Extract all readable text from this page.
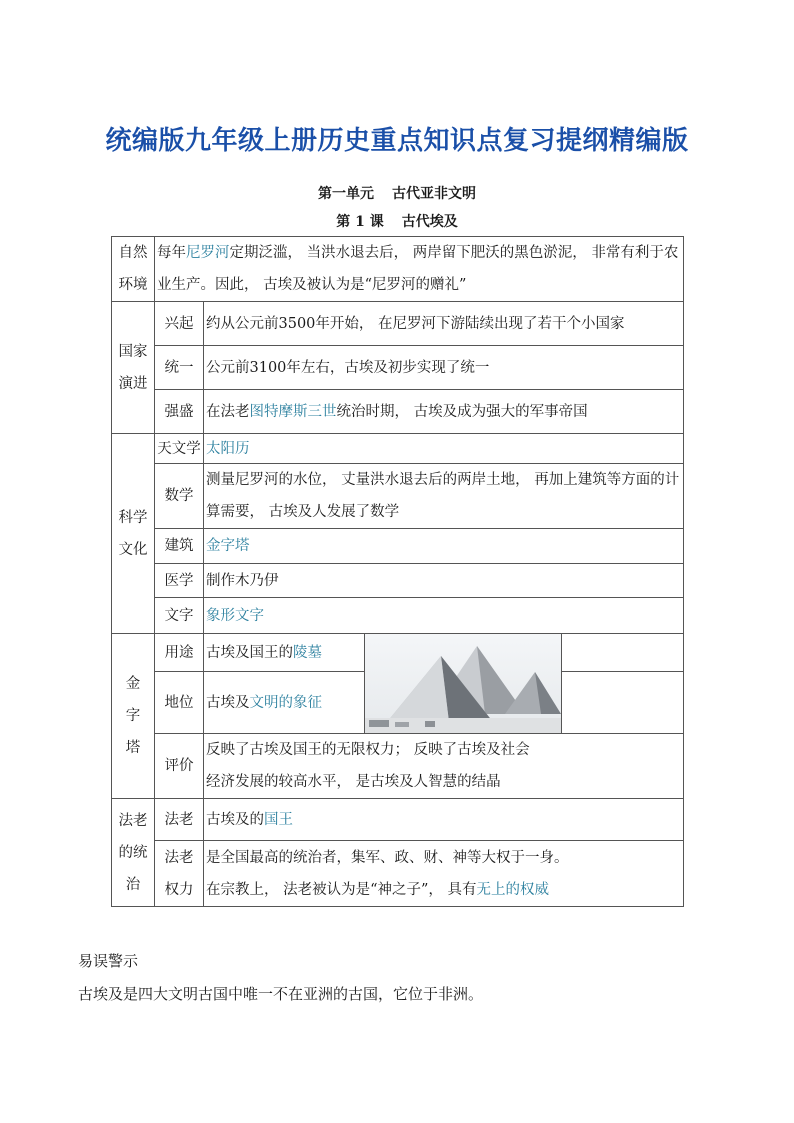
统编版九年级上册历史重点知识点复习提纲精编版
第一单元 古代亚非文明
第 1 课 古代埃及
自然环境	每年尼罗河定期泛滥， 当洪水退去后， 两岸留下肥沃的黑色淤泥， 非常有利于农业生产。因此， 古埃及被认为是“尼罗河的赠礼”			
国家演进	兴起	约从公元前3500年开始， 在尼罗河下游陆续出现了若干个小国家		
	统一	公元前3100年左右，古埃及初步实现了统一		
	强盛	在法老图特摩斯三世统治时期， 古埃及成为强大的军事帝国		
科学文化	天文学	太阳历		
	数学	测量尼罗河的水位， 丈量洪水退去后的两岸土地， 再加上建筑等方面的计算需要， 古埃及人发展了数学		
	建筑	金字塔		
	医学	制作木乃伊		
	文字	象形文字		
金字塔	用途	古埃及国王的陵墓	

	地位	古埃及文明的象征		
	评价	反映了古埃及国王的无限权力； 反映了古埃及社会
经济发展的较高水平， 是古埃及人智慧的结晶		

法老的统治	法老	古埃及的国王		
	法老权力	是全国最高的统治者，集军、政、财、神等大权于一身。
在宗教上， 法老被认为是“神之子”， 具有无上的权威		
易误警示
古埃及是四大文明古国中唯一不在亚洲的古国，它位于非洲。
